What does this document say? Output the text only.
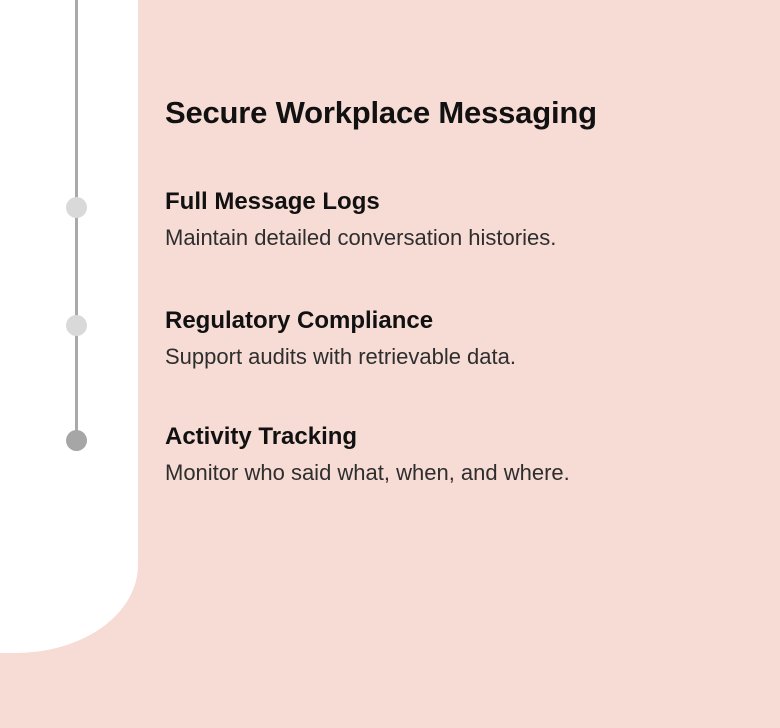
Secure Workplace Messaging
Full Message Logs
Maintain detailed conversation histories.
Regulatory Compliance
Support audits with retrievable data.
Activity Tracking
Monitor who said what, when, and where.
